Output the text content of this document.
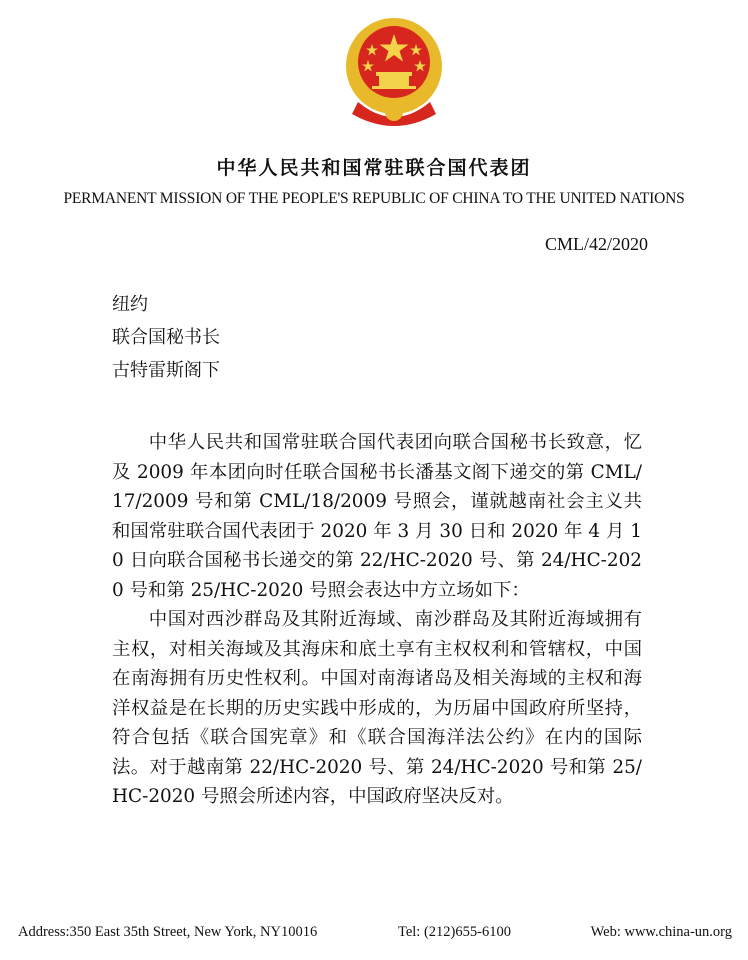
中华人民共和国常驻联合国代表团
PERMANENT MISSION OF THE PEOPLE'S REPUBLIC OF CHINA TO THE UNITED NATIONS
CML/42/2020
纽约
联合国秘书长
古特雷斯阁下

中华人民共和国常驻联合国代表团向联合国秘书长致意，忆及 2009 年本团向时任联合国秘书长潘基文阁下递交的第 CML/17/2009 号和第 CML/18/2009 号照会，谨就越南社会主义共和国常驻联合国代表团于 2020 年 3 月 30 日和 2020 年 4 月 10 日向联合国秘书长递交的第 22/HC-2020 号、第 24/HC-2020 号和第 25/HC-2020 号照会表达中方立场如下：

中国对西沙群岛及其附近海域、南沙群岛及其附近海域拥有主权，对相关海域及其海床和底土享有主权权利和管辖权，中国在南海拥有历史性权利。中国对南海诸岛及相关海域的主权和海洋权益是在长期的历史实践中形成的，为历届中国政府所坚持，符合包括《联合国宪章》和《联合国海洋法公约》在内的国际法。对于越南第 22/HC-2020 号、第 24/HC-2020 号和第 25/HC-2020 号照会所述内容，中国政府坚决反对。

Address:350 East 35th Street, New York, NY10016	Tel: (212)655-6100	Web: www.china-un.org
